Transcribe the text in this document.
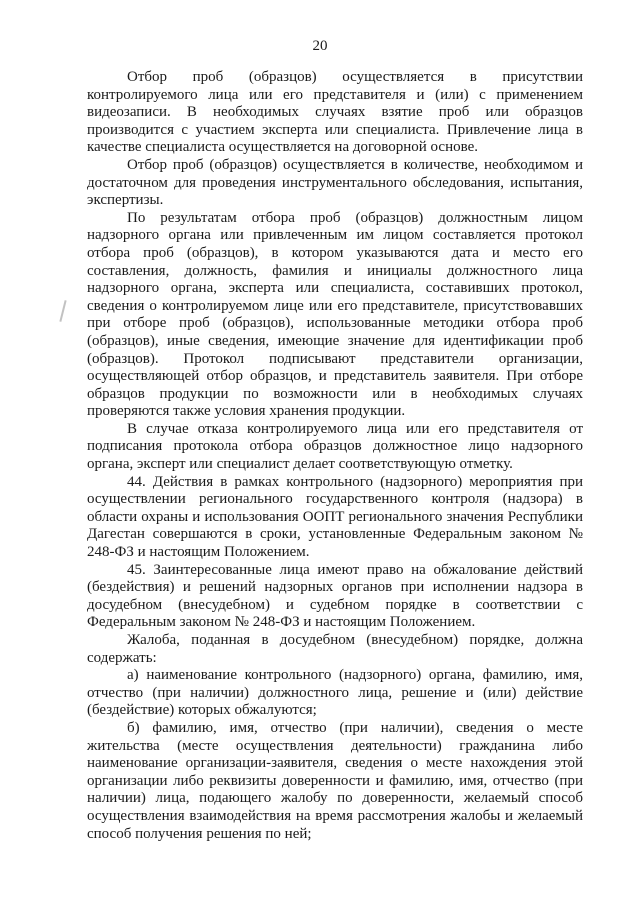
20

Отбор проб (образцов) осуществляется в присутствии контролируемого лица или его представителя и (или) с применением видеозаписи. В необходимых случаях взятие проб или образцов производится с участием эксперта или специалиста. Привлечение лица в качестве специалиста осуществляется на договорной основе.

Отбор проб (образцов) осуществляется в количестве, необходимом и достаточном для проведения инструментального обследования, испытания, экспертизы.

По результатам отбора проб (образцов) должностным лицом надзорного органа или привлеченным им лицом составляется протокол отбора проб (образцов), в котором указываются дата и место его составления, должность, фамилия и инициалы должностного лица надзорного органа, эксперта или специалиста, составивших протокол, сведения о контролируемом лице или его представителе, присутствовавших при отборе проб (образцов), использованные методики отбора проб (образцов), иные сведения, имеющие значение для идентификации проб (образцов). Протокол подписывают представители организации, осуществляющей отбор образцов, и представитель заявителя. При отборе образцов продукции по возможности или в необходимых случаях проверяются также условия хранения продукции.

В случае отказа контролируемого лица или его представителя от подписания протокола отбора образцов должностное лицо надзорного органа, эксперт или специалист делает соответствующую отметку.

44. Действия в рамках контрольного (надзорного) мероприятия при осуществлении регионального государственного контроля (надзора) в области охраны и использования ООПТ регионального значения Республики Дагестан совершаются в сроки, установленные Федеральным законом № 248-ФЗ и настоящим Положением.

45. Заинтересованные лица имеют право на обжалование действий (бездействия) и решений надзорных органов при исполнении надзора в досудебном (внесудебном) и судебном порядке в соответствии с Федеральным законом № 248-ФЗ и настоящим Положением.

Жалоба, поданная в досудебном (внесудебном) порядке, должна содержать:

а) наименование контрольного (надзорного) органа, фамилию, имя, отчество (при наличии) должностного лица, решение и (или) действие (бездействие) которых обжалуются;

б) фамилию, имя, отчество (при наличии), сведения о месте жительства (месте осуществления деятельности) гражданина либо наименование организации-заявителя, сведения о месте нахождения этой организации либо реквизиты доверенности и фамилию, имя, отчество (при наличии) лица, подающего жалобу по доверенности, желаемый способ осуществления взаимодействия на время рассмотрения жалобы и желаемый способ получения решения по ней;
